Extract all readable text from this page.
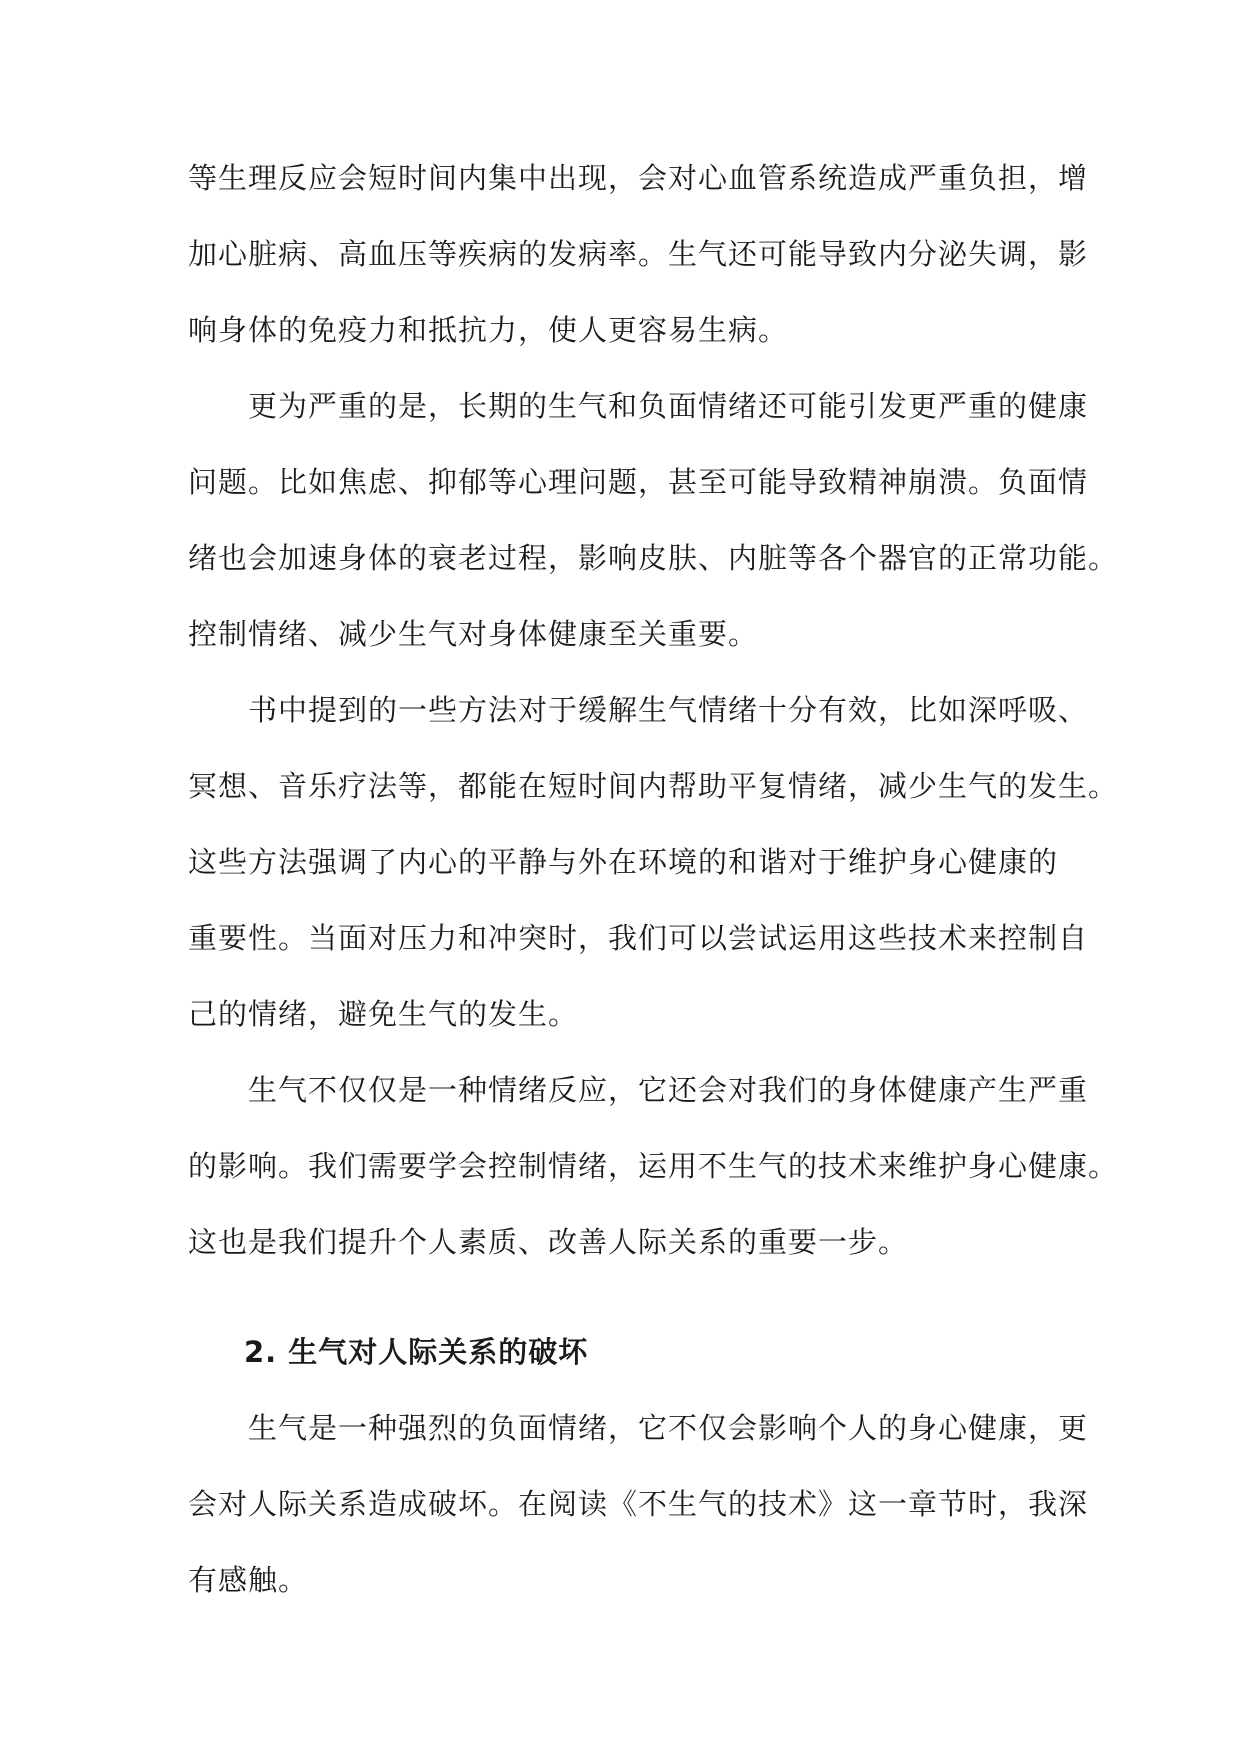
等生理反应会短时间内集中出现，会对心血管系统造成严重负担，增
加心脏病、高血压等疾病的发病率。生气还可能导致内分泌失调，影
响身体的免疫力和抵抗力，使人更容易生病。
更为严重的是，长期的生气和负面情绪还可能引发更严重的健康
问题。比如焦虑、抑郁等心理问题，甚至可能导致精神崩溃。负面情
绪也会加速身体的衰老过程，影响皮肤、内脏等各个器官的正常功能。
控制情绪、减少生气对身体健康至关重要。
书中提到的一些方法对于缓解生气情绪十分有效，比如深呼吸、
冥想、音乐疗法等，都能在短时间内帮助平复情绪，减少生气的发生。
这些方法强调了内心的平静与外在环境的和谐对于维护身心健康的
重要性。当面对压力和冲突时，我们可以尝试运用这些技术来控制自
己的情绪，避免生气的发生。
生气不仅仅是一种情绪反应，它还会对我们的身体健康产生严重
的影响。我们需要学会控制情绪，运用不生气的技术来维护身心健康。
这也是我们提升个人素质、改善人际关系的重要一步。
2. 生气对人际关系的破坏
生气是一种强烈的负面情绪，它不仅会影响个人的身心健康，更
会对人际关系造成破坏。在阅读《不生气的技术》这一章节时，我深
有感触。
